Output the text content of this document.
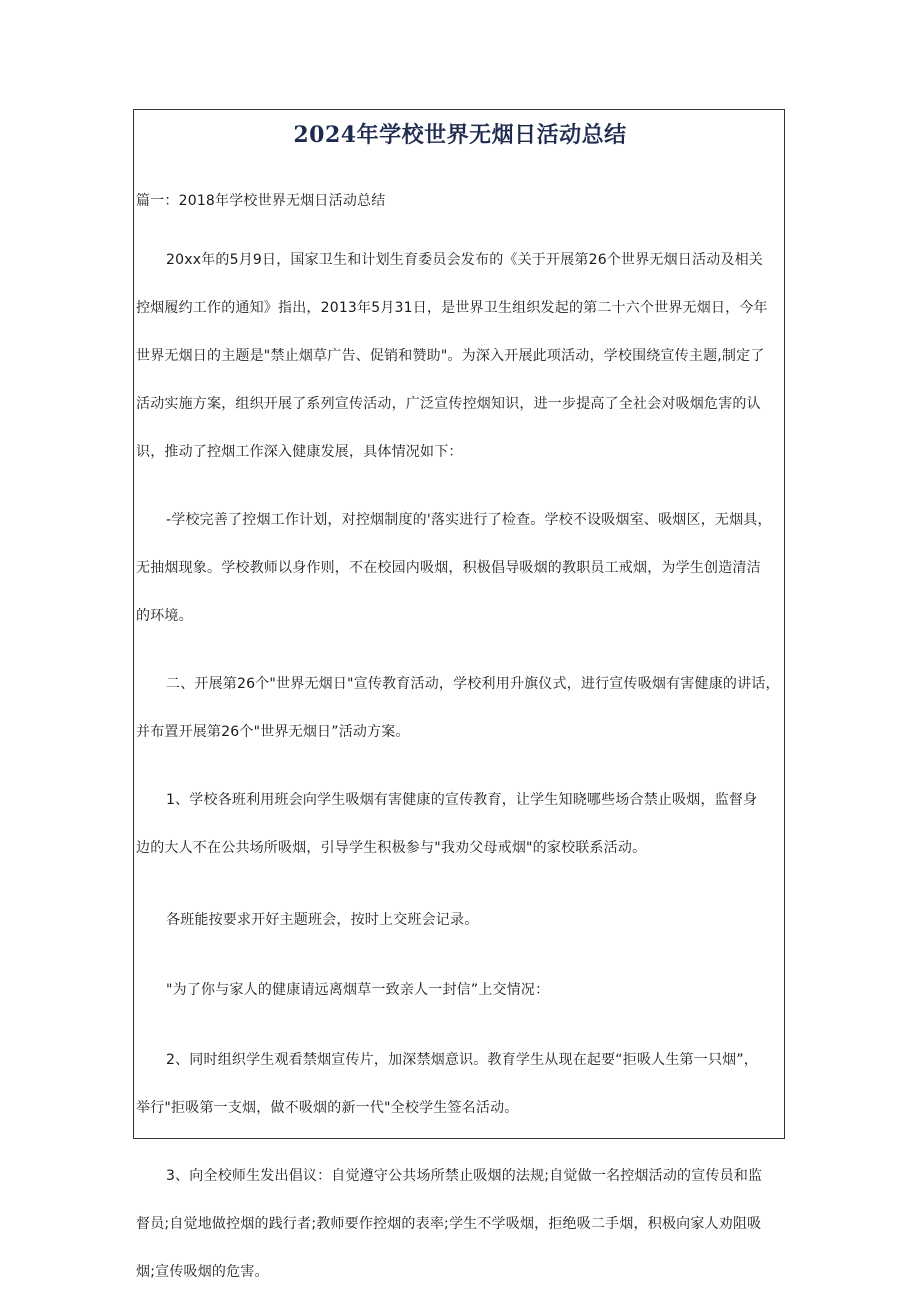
2024年学校世界无烟日活动总结

篇一：2018年学校世界无烟日活动总结

20xx年的5月9日，国家卫生和计划生育委员会发布的《关于开展第26个世界无烟日活动及相关
控烟履约工作的通知》指出，2013年5月31日，是世界卫生组织发起的第二十六个世界无烟日，今年
世界无烟日的主题是"禁止烟草广告、促销和赞助"。为深入开展此项活动，学校围绕宣传主题,制定了
活动实施方案，组织开展了系列宣传活动，广泛宣传控烟知识，进一步提高了全社会对吸烟危害的认
识，推动了控烟工作深入健康发展，具体情况如下：

-学校完善了控烟工作计划，对控烟制度的'落实进行了检查。学校不设吸烟室、吸烟区，无烟具，
无抽烟现象。学校教师以身作则，不在校园内吸烟，积极倡导吸烟的教职员工戒烟，为学生创造清洁
的环境。

二、开展第26个"世界无烟日"宣传教育活动，学校利用升旗仪式，进行宣传吸烟有害健康的讲话，
并布置开展第26个"世界无烟日”活动方案。

1、学校各班利用班会向学生吸烟有害健康的宣传教育，让学生知晓哪些场合禁止吸烟，监督身
边的大人不在公共场所吸烟，引导学生积极参与"我劝父母戒烟"的家校联系活动。

各班能按要求开好主题班会，按时上交班会记录。

"为了你与家人的健康请远离烟草一致亲人一封信”上交情况：

2、同时组织学生观看禁烟宣传片，加深禁烟意识。教育学生从现在起要“拒吸人生第一只烟”，
举行"拒吸第一支烟，做不吸烟的新一代"全校学生签名活动。

3、向全校师生发出倡议：自觉遵守公共场所禁止吸烟的法规;自觉做一名控烟活动的宣传员和监
督员;自觉地做控烟的践行者;教师要作控烟的表率;学生不学吸烟，拒绝吸二手烟，积极向家人劝阻吸
烟;宣传吸烟的危害。
